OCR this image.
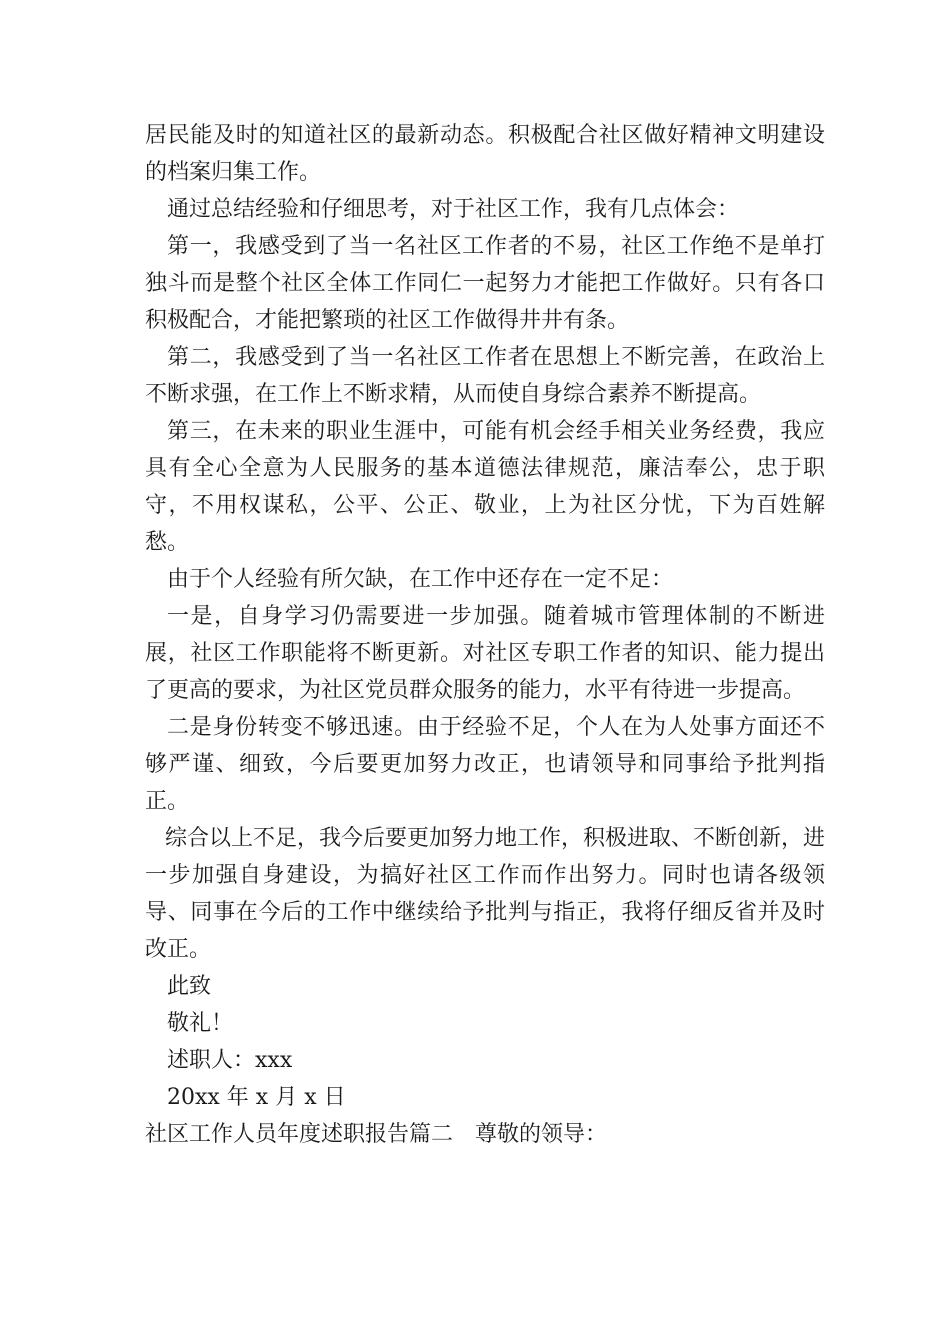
居民能及时的知道社区的最新动态。积极配合社区做好精神文明建设的档案归集工作。

通过总结经验和仔细思考，对于社区工作，我有几点体会：

第一，我感受到了当一名社区工作者的不易，社区工作绝不是单打独斗而是整个社区全体工作同仁一起努力才能把工作做好。只有各口积极配合，才能把繁琐的社区工作做得井井有条。

第二，我感受到了当一名社区工作者在思想上不断完善，在政治上不断求强，在工作上不断求精，从而使自身综合素养不断提高。

第三，在未来的职业生涯中，可能有机会经手相关业务经费，我应具有全心全意为人民服务的基本道德法律规范，廉洁奉公，忠于职守，不用权谋私，公平、公正、敬业，上为社区分忧，下为百姓解愁。

由于个人经验有所欠缺，在工作中还存在一定不足：

一是，自身学习仍需要进一步加强。随着城市管理体制的不断进展，社区工作职能将不断更新。对社区专职工作者的知识、能力提出了更高的要求，为社区党员群众服务的能力，水平有待进一步提高。

二是身份转变不够迅速。由于经验不足，个人在为人处事方面还不够严谨、细致，今后要更加努力改正，也请领导和同事给予批判指正。

综合以上不足，我今后要更加努力地工作，积极进取、不断创新，进一步加强自身建设，为搞好社区工作而作出努力。同时也请各级领导、同事在今后的工作中继续给予批判与指正，我将仔细反省并及时改正。

此致

敬礼！

述职人：xxx

20xx 年 x 月 x 日

社区工作人员年度述职报告篇二　尊敬的领导：
